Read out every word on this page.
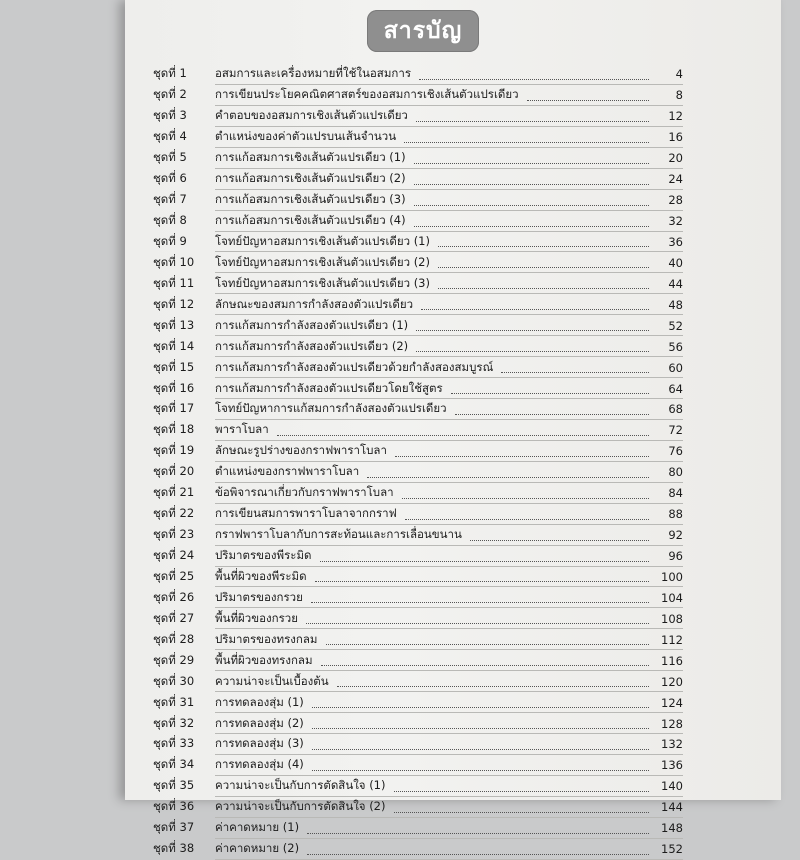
สารบัญ
ชุดที่ 1	อสมการและเครื่องหมายที่ใช้ในอสมการ	4
ชุดที่ 2	การเขียนประโยคคณิตศาสตร์ของอสมการเชิงเส้นตัวแปรเดียว	8
ชุดที่ 3	คำตอบของอสมการเชิงเส้นตัวแปรเดียว	12
ชุดที่ 4	ตำแหน่งของค่าตัวแปรบนเส้นจำนวน	16
ชุดที่ 5	การแก้อสมการเชิงเส้นตัวแปรเดียว (1)	20
ชุดที่ 6	การแก้อสมการเชิงเส้นตัวแปรเดียว (2)	24
ชุดที่ 7	การแก้อสมการเชิงเส้นตัวแปรเดียว (3)	28
ชุดที่ 8	การแก้อสมการเชิงเส้นตัวแปรเดียว (4)	32
ชุดที่ 9	โจทย์ปัญหาอสมการเชิงเส้นตัวแปรเดียว (1)	36
ชุดที่ 10	โจทย์ปัญหาอสมการเชิงเส้นตัวแปรเดียว (2)	40
ชุดที่ 11	โจทย์ปัญหาอสมการเชิงเส้นตัวแปรเดียว (3)	44
ชุดที่ 12	ลักษณะของสมการกำลังสองตัวแปรเดียว	48
ชุดที่ 13	การแก้สมการกำลังสองตัวแปรเดียว (1)	52
ชุดที่ 14	การแก้สมการกำลังสองตัวแปรเดียว (2)	56
ชุดที่ 15	การแก้สมการกำลังสองตัวแปรเดียวด้วยกำลังสองสมบูรณ์	60
ชุดที่ 16	การแก้สมการกำลังสองตัวแปรเดียวโดยใช้สูตร	64
ชุดที่ 17	โจทย์ปัญหาการแก้สมการกำลังสองตัวแปรเดียว	68
ชุดที่ 18	พาราโบลา	72
ชุดที่ 19	ลักษณะรูปร่างของกราฟพาราโบลา	76
ชุดที่ 20	ตำแหน่งของกราฟพาราโบลา	80
ชุดที่ 21	ข้อพิจารณาเกี่ยวกับกราฟพาราโบลา	84
ชุดที่ 22	การเขียนสมการพาราโบลาจากกราฟ	88
ชุดที่ 23	กราฟพาราโบลากับการสะท้อนและการเลื่อนขนาน	92
ชุดที่ 24	ปริมาตรของพีระมิด	96
ชุดที่ 25	พื้นที่ผิวของพีระมิด	100
ชุดที่ 26	ปริมาตรของกรวย	104
ชุดที่ 27	พื้นที่ผิวของกรวย	108
ชุดที่ 28	ปริมาตรของทรงกลม	112
ชุดที่ 29	พื้นที่ผิวของทรงกลม	116
ชุดที่ 30	ความน่าจะเป็นเบื้องต้น	120
ชุดที่ 31	การทดลองสุ่ม (1)	124
ชุดที่ 32	การทดลองสุ่ม (2)	128
ชุดที่ 33	การทดลองสุ่ม (3)	132
ชุดที่ 34	การทดลองสุ่ม (4)	136
ชุดที่ 35	ความน่าจะเป็นกับการตัดสินใจ (1)	140
ชุดที่ 36	ความน่าจะเป็นกับการตัดสินใจ (2)	144
ชุดที่ 37	ค่าคาดหมาย (1)	148
ชุดที่ 38	ค่าคาดหมาย (2)	152
